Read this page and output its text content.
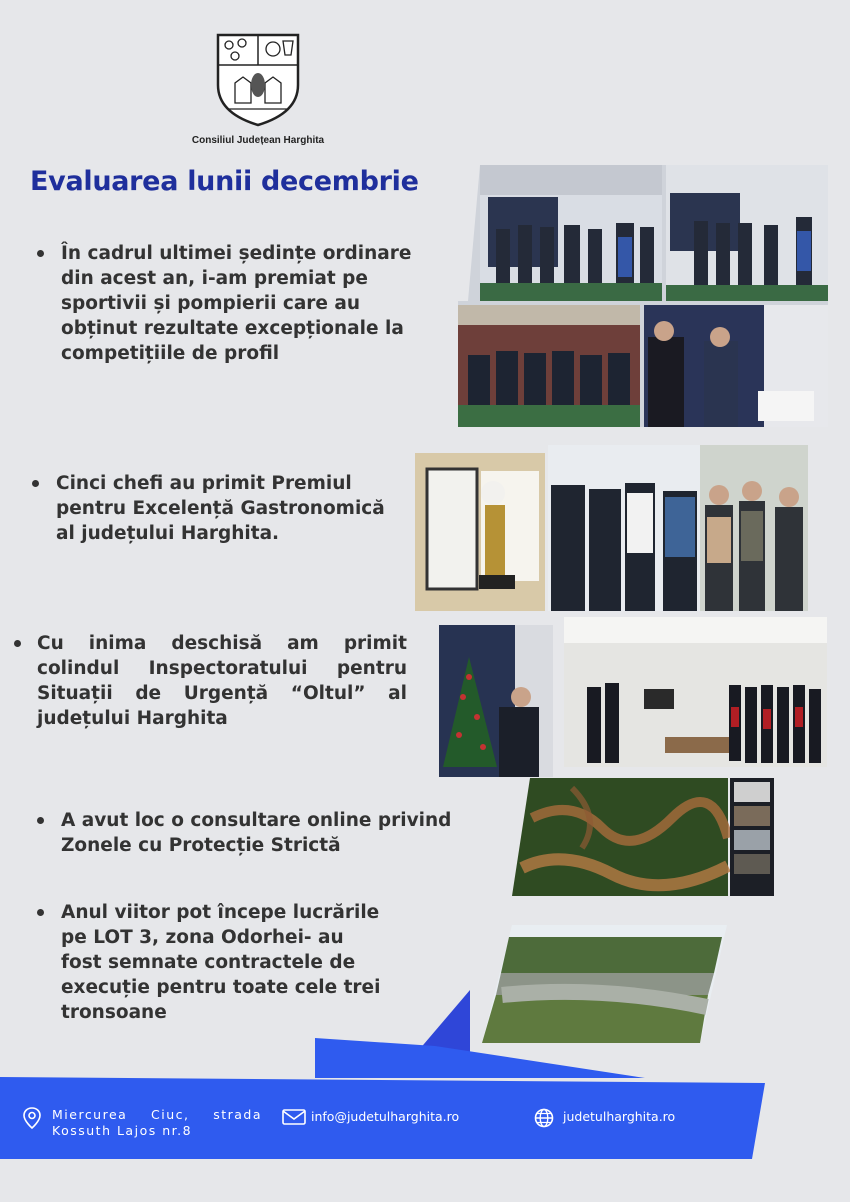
Consiliul Județean Harghita
Evaluarea lunii decembrie
În cadrul ultimei ședințe ordinare din acest an, i-am premiat pe sportivii și pompierii care au obținut rezultate excepționale la competițiile de profil
Cinci chefi au primit Premiul pentru Excelență Gastronomică al județului Harghita.
Cu inima deschisă am primit colindul Inspectoratului pentru Situații de Urgență “Oltul” al județului Harghita
A avut loc o consultare online privind Zonele cu Protecție Strictă
Anul viitor pot începe lucrările pe LOT 3, zona Odorhei- au fost semnate contractele de execuție pentru toate cele trei tronsoane
Miercurea Ciuc, strada Kossuth Lajos nr.8
info@judetulharghita.ro	judetulharghita.ro
